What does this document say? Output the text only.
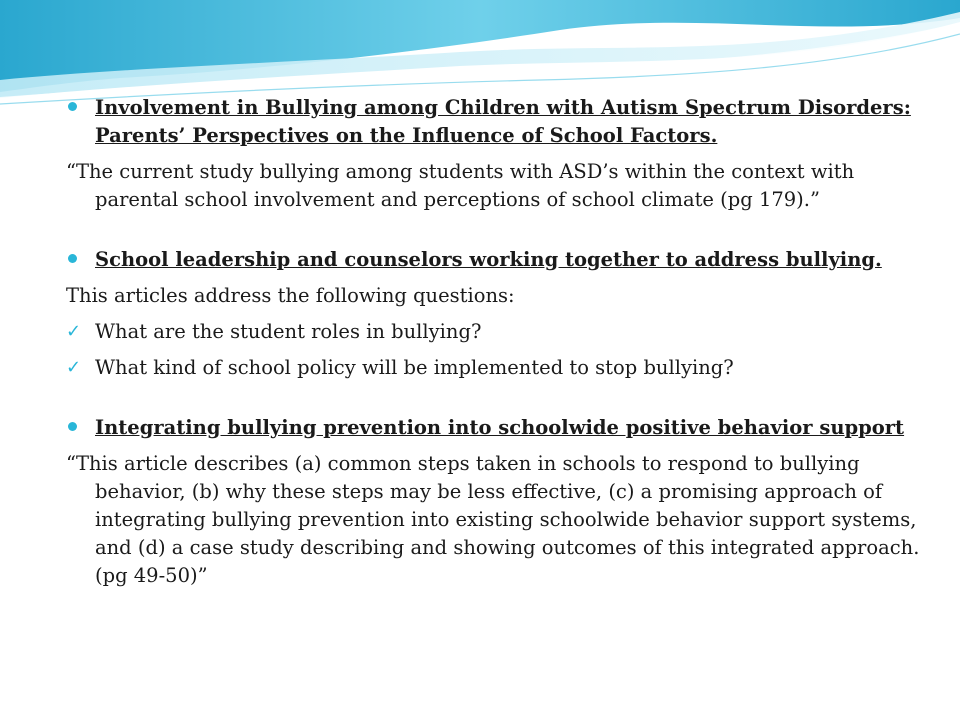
Involvement in Bullying among Children with Autism Spectrum Disorders: Parents’ Perspectives on the Influence of School Factors.
“The current study bullying among students with ASD’s within the context with parental school involvement and perceptions of school climate (pg 179).”
School leadership and counselors working together to address bullying.
This articles address the following questions:
✓ What are the student roles in bullying?
✓ What kind of school policy will be implemented to stop bullying?
Integrating bullying prevention into schoolwide positive behavior support
“This article describes (a) common steps taken in schools to respond to bullying behavior, (b) why these steps may be less effective, (c) a promising approach of integrating bullying prevention into existing schoolwide behavior support systems, and (d) a case study describing and showing outcomes of this integrated approach. (pg 49-50)”
